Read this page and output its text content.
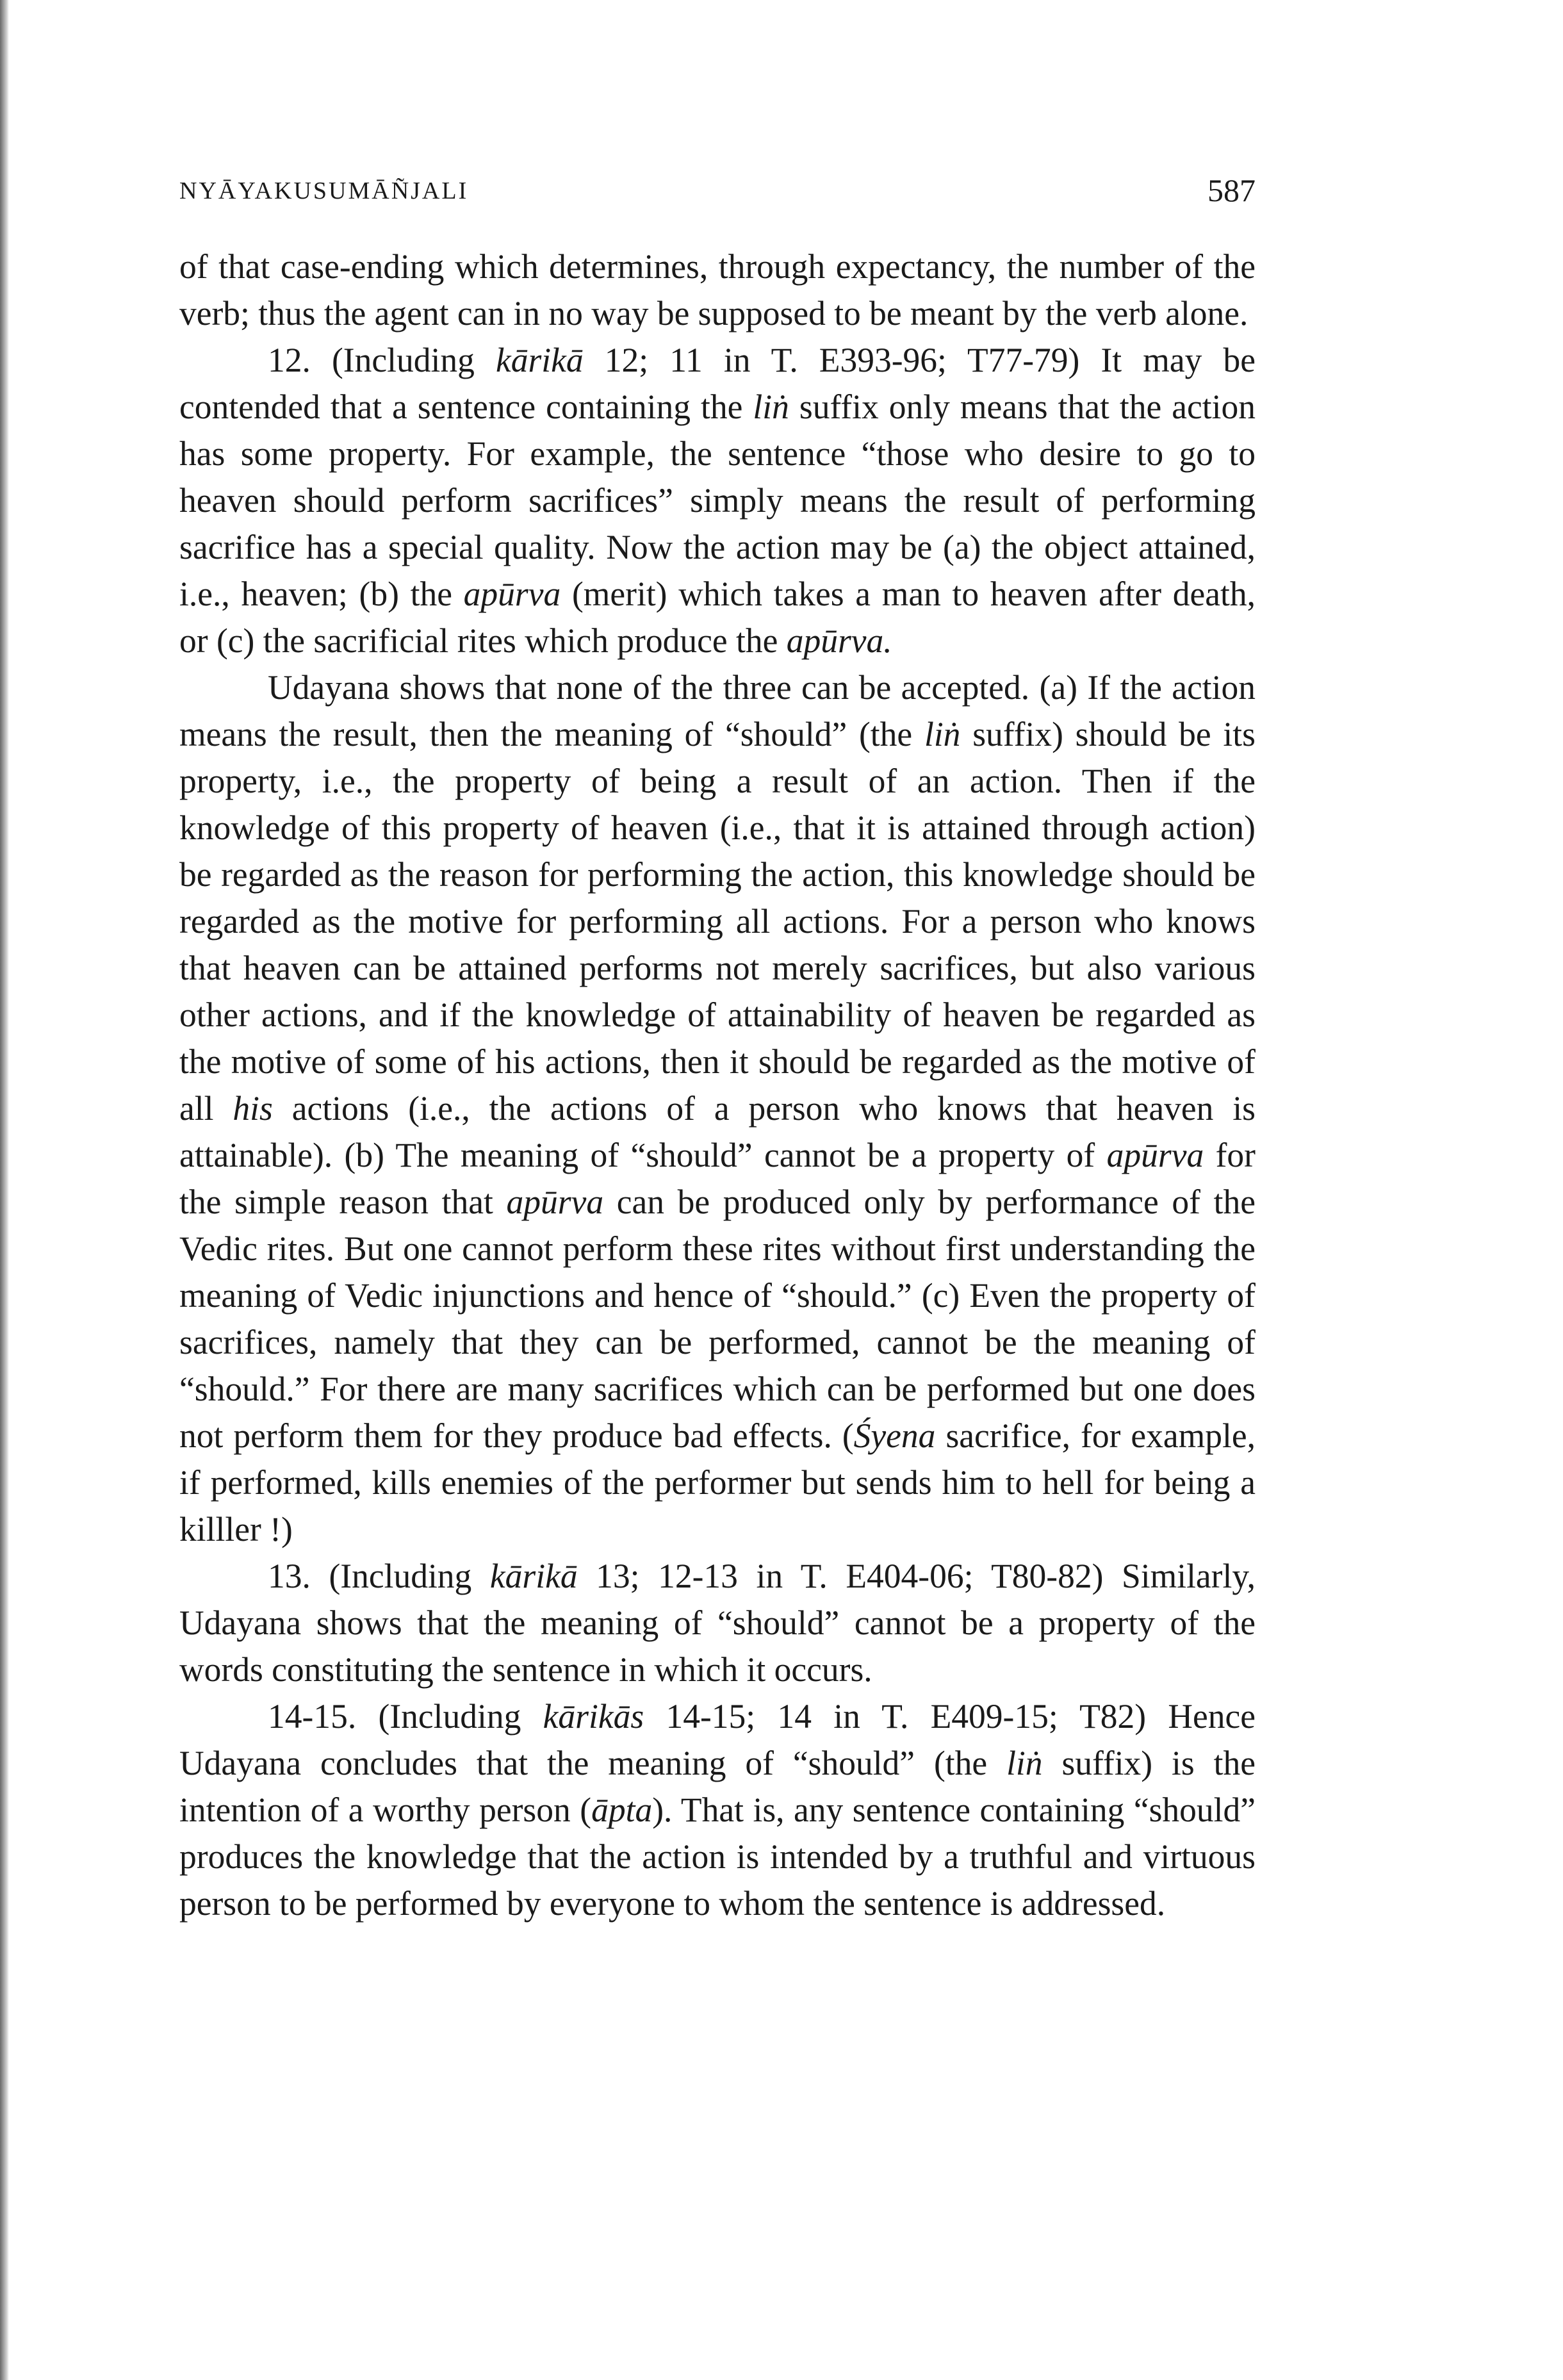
NYĀYAKUSUMĀÑJALI	587

of that case-ending which determines, through expectancy, the number of the verb; thus the agent can in no way be supposed to be meant by the verb alone.

12. (Including kārikā 12; 11 in T. E393-96; T77-79) It may be contended that a sentence containing the liṅ suffix only means that the action has some property. For example, the sentence “those who desire to go to heaven should perform sacrifices” simply means the result of performing sacrifice has a special quality. Now the action may be (a) the object attained, i.e., heaven; (b) the apūrva (merit) which takes a man to heaven after death, or (c) the sacrificial rites which produce the apūrva.

Udayana shows that none of the three can be accepted. (a) If the action means the result, then the meaning of “should” (the liṅ suffix) should be its property, i.e., the property of being a result of an action. Then if the knowledge of this property of heaven (i.e., that it is attained through action) be regarded as the reason for performing the action, this knowledge should be regarded as the motive for performing all actions. For a person who knows that heaven can be attained performs not merely sacrifices, but also various other actions, and if the knowledge of attainability of heaven be regarded as the motive of some of his actions, then it should be regarded as the motive of all his actions (i.e., the actions of a person who knows that heaven is attainable). (b) The meaning of “should” cannot be a property of apūrva for the simple reason that apūrva can be produced only by performance of the Vedic rites. But one cannot perform these rites without first understanding the meaning of Vedic injunctions and hence of “should.” (c) Even the property of sacrifices, namely that they can be performed, cannot be the meaning of “should.” For there are many sacrifices which can be performed but one does not perform them for they produce bad effects. (Śyena sacrifice, for example, if performed, kills enemies of the performer but sends him to hell for being a killler !)

13. (Including kārikā 13; 12-13 in T. E404-06; T80-82) Similarly, Udayana shows that the meaning of “should” cannot be a property of the words constituting the sentence in which it occurs.

14-15. (Including kārikās 14-15; 14 in T. E409-15; T82) Hence Udayana concludes that the meaning of “should” (the liṅ suffix) is the intention of a worthy person (āpta). That is, any sentence containing “should” produces the knowledge that the action is intended by a truthful and virtuous person to be performed by everyone to whom the sentence is addressed.
